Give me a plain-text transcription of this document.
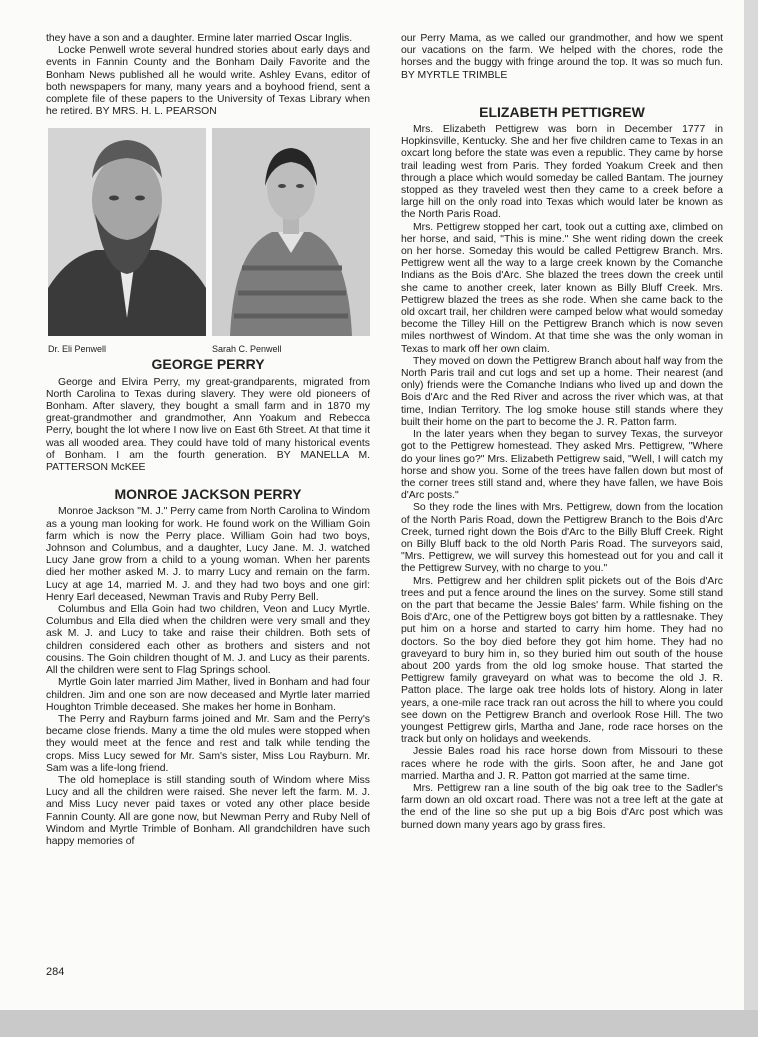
they have a son and a daughter. Ermine later married Oscar Inglis.

Locke Penwell wrote several hundred stories about early days and events in Fannin County and the Bonham Daily Favorite and the Bonham News published all he would write. Ashley Evans, editor of both newspapers for many, many years and a boyhood friend, sent a complete file of these papers to the University of Texas Library when he retired. BY MRS. H. L. PEARSON

Dr. Eli Penwell	Sarah C. Penwell
GEORGE PERRY

George and Elvira Perry, my great-grandparents, migrated from North Carolina to Texas during slavery. They were old pioneers of Bonham. After slavery, they bought a small farm and in 1870 my great-grandmother and grandmother, Ann Yoakum and Rebecca Perry, bought the lot where I now live on East 6th Street. At that time it was all wooded area. They could have told of many historical events of Bonham. I am the fourth generation. BY MANELLA M. PATTERSON McKEE

MONROE JACKSON PERRY

Monroe Jackson "M. J." Perry came from North Carolina to Windom as a young man looking for work. He found work on the William Goin farm which is now the Perry place. William Goin had two boys, Johnson and Columbus, and a daughter, Lucy Jane. M. J. watched Lucy Jane grow from a child to a young woman. When her parents died her mother asked M. J. to marry Lucy and remain on the farm. Lucy at age 14, married M. J. and they had two boys and one girl: Henry Earl deceased, Newman Travis and Ruby Perry Bell.

Columbus and Ella Goin had two children, Veon and Lucy Myrtle. Columbus and Ella died when the children were very small and they ask M. J. and Lucy to take and raise their children. Both sets of children considered each other as brothers and sisters and not cousins. The Goin children thought of M. J. and Lucy as their parents. All the children were sent to Flag Springs school.

Myrtle Goin later married Jim Mather, lived in Bonham and had four children. Jim and one son are now deceased and Myrtle later married Houghton Trimble deceased. She makes her home in Bonham.

The Perry and Rayburn farms joined and Mr. Sam and the Perry's became close friends. Many a time the old mules were stopped when they would meet at the fence and rest and talk while tending the crops. Miss Lucy sewed for Mr. Sam's sister, Miss Lou Rayburn. Mr. Sam was a life-long friend.

The old homeplace is still standing south of Windom where Miss Lucy and all the children were raised. She never left the farm. M. J. and Miss Lucy never paid taxes or voted any other place beside Fannin County. All are gone now, but Newman Perry and Ruby Nell of Windom and Myrtle Trimble of Bonham. All grandchildren have such happy memories of

our Perry Mama, as we called our grandmother, and how we spent our vacations on the farm. We helped with the chores, rode the horses and the buggy with fringe around the top. It was so much fun. BY MYRTLE TRIMBLE

ELIZABETH PETTIGREW

Mrs. Elizabeth Pettigrew was born in December 1777 in Hopkinsville, Kentucky. She and her five children came to Texas in an oxcart long before the state was even a republic. They came by horse trail leading west from Paris. They forded Yoakum Creek and then through a place which would someday be called Bantam. The journey stopped as they traveled west then they came to a creek before a large hill on the only road into Texas which would later be known as the North Paris Road.

Mrs. Pettigrew stopped her cart, took out a cutting axe, climbed on her horse, and said, "This is mine." She went riding down the creek on her horse. Someday this would be called Pettigrew Branch. Mrs. Pettigrew went all the way to a large creek known by the Comanche Indians as the Bois d'Arc. She blazed the trees down the creek until she came to another creek, later known as Billy Bluff Creek. Mrs. Pettigrew blazed the trees as she rode. When she came back to the old oxcart trail, her children were camped below what would someday become the Tilley Hill on the Pettigrew Branch which is now seven miles northwest of Windom. At that time she was the only woman in Texas to mark off her own claim.

They moved on down the Pettigrew Branch about half way from the North Paris trail and cut logs and set up a home. Their nearest (and only) friends were the Comanche Indians who lived up and down the Bois d'Arc and the Red River and across the river which was, at that time, Indian Territory. The log smoke house still stands where they built their home on the part to become the J. R. Patton farm.

In the later years when they began to survey Texas, the surveyor got to the Pettigrew homestead. They asked Mrs. Pettigrew, "Where do your lines go?" Mrs. Elizabeth Pettigrew said, "Well, I will catch my horse and show you. Some of the trees have fallen down but most of the corner trees still stand and, where they have fallen, we have Bois d'Arc posts."

So they rode the lines with Mrs. Pettigrew, down from the location of the North Paris Road, down the Pettigrew Branch to the Bois d'Arc Creek, turned right down the Bois d'Arc to the Billy Bluff Creek. Right on Billy Bluff back to the old North Paris Road. The surveyors said, "Mrs. Pettigrew, we will survey this homestead out for you and call it the Pettigrew Survey, with no charge to you."

Mrs. Pettigrew and her children split pickets out of the Bois d'Arc trees and put a fence around the lines on the survey. Some still stand on the part that became the Jessie Bales' farm. While fishing on the Bois d'Arc, one of the Pettigrew boys got bitten by a rattlesnake. They put him on a horse and started to carry him home. They had no doctors. So the boy died before they got him home. They had no graveyard to bury him in, so they buried him out south of the house about 200 yards from the old log smoke house. That started the Pettigrew family graveyard on what was to become the old J. R. Patton place. The large oak tree holds lots of history. Along in later years, a one-mile race track ran out across the hill to where you could see down on the Pettigrew Branch and overlook Rose Hill. The two youngest Pettigrew girls, Martha and Jane, rode race horses on the track but only on holidays and weekends.

Jessie Bales road his race horse down from Missouri to these races where he rode with the girls. Soon after, he and Jane got married. Martha and J. R. Patton got married at the same time.

Mrs. Pettigrew ran a line south of the big oak tree to the Sadler's farm down an old oxcart road. There was not a tree left at the gate at the end of the line so she put up a big Bois d'Arc post which was burned down many years ago by grass fires.

284
